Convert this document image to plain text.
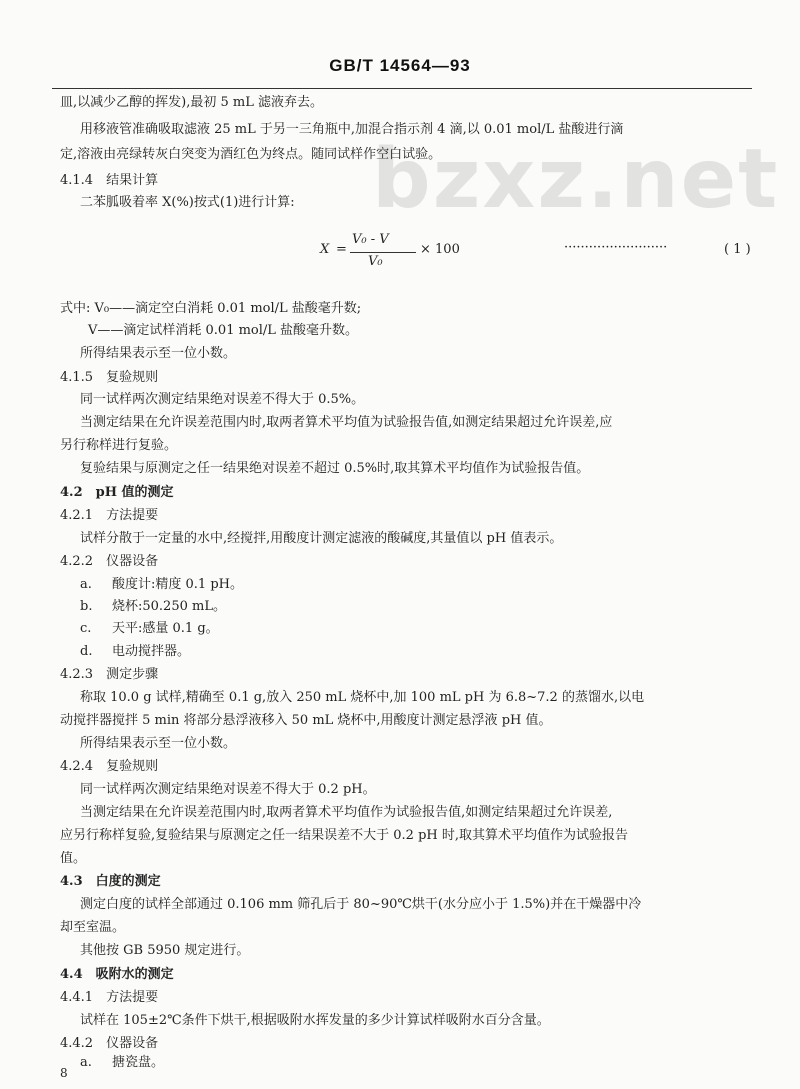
GB/T 14564—93
bzxz.net
皿,以减少乙醇的挥发),最初 5 mL 滤液弃去。
用移液管准确吸取滤液 25 mL 于另一三角瓶中,加混合指示剂 4 滴,以 0.01 mol/L 盐酸进行滴
定,溶液由亮绿转灰白突变为酒红色为终点。随同试样作空白试验。
4.1.4　结果计算
二苯胍吸着率 X(%)按式(1)进行计算:
X =
V₀ - V
V₀
× 100	·························	( 1 )
式中: V₀——滴定空白消耗 0.01 mol/L 盐酸毫升数;
V——滴定试样消耗 0.01 mol/L 盐酸毫升数。
所得结果表示至一位小数。
4.1.5　复验规则
同一试样两次测定结果绝对误差不得大于 0.5%。
当测定结果在允许误差范围内时,取两者算术平均值为试验报告值,如测定结果超过允许误差,应
另行称样进行复验。
复验结果与原测定之任一结果绝对误差不超过 0.5%时,取其算术平均值作为试验报告值。
4.2　pH 值的测定
4.2.1　方法提要
试样分散于一定量的水中,经搅拌,用酸度计测定滤液的酸碱度,其量值以 pH 值表示。
4.2.2　仪器设备
a. 酸度计:精度 0.1 pH。
b. 烧杯:50.250 mL。
c. 天平:感量 0.1 g。
d. 电动搅拌器。
4.2.3　测定步骤
称取 10.0 g 试样,精确至 0.1 g,放入 250 mL 烧杯中,加 100 mL pH 为 6.8~7.2 的蒸馏水,以电
动搅拌器搅拌 5 min 将部分悬浮液移入 50 mL 烧杯中,用酸度计测定悬浮液 pH 值。
所得结果表示至一位小数。
4.2.4　复验规则
同一试样两次测定结果绝对误差不得大于 0.2 pH。
当测定结果在允许误差范围内时,取两者算术平均值作为试验报告值,如测定结果超过允许误差,
应另行称样复验,复验结果与原测定之任一结果误差不大于 0.2 pH 时,取其算术平均值作为试验报告
值。
4.3　白度的测定
测定白度的试样全部通过 0.106 mm 筛孔后于 80~90℃烘干(水分应小于 1.5%)并在干燥器中冷
却至室温。
其他按 GB 5950 规定进行。
4.4　吸附水的测定
4.4.1　方法提要
试样在 105±2℃条件下烘干,根据吸附水挥发量的多少计算试样吸附水百分含量。
4.4.2　仪器设备
a. 搪瓷盘。
8
